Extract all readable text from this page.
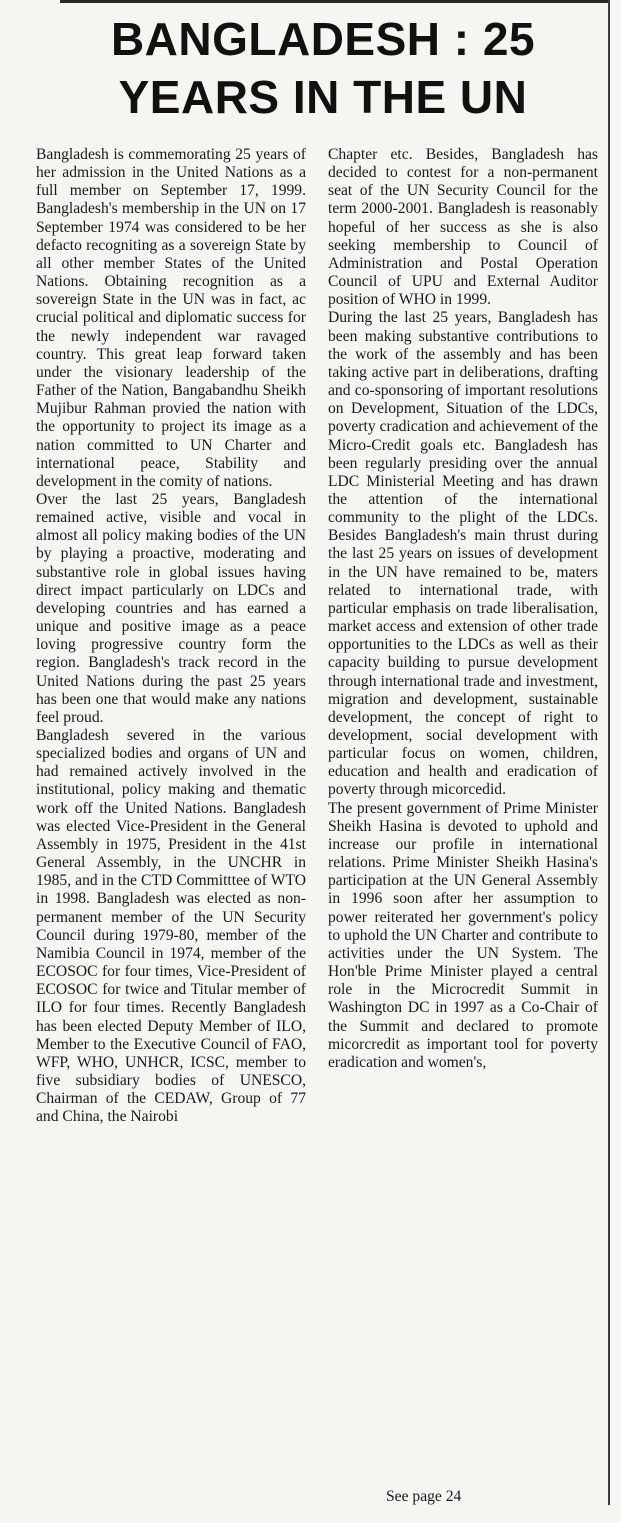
BANGLADESH : 25
YEARS IN THE UN

Bangladesh is commemorating 25 years of her admission in the United Nations as a full member on September 17, 1999. Bangladesh's membership in the UN on 17 September 1974 was considered to be her defacto recogniting as a sovereign State by all other member States of the United Nations. Obtaining recognition as a sovereign State in the UN was in fact, ac crucial political and diplomatic success for the newly independent war ravaged country. This great leap forward taken under the visionary leadership of the Father of the Nation, Bangabandhu Sheikh Mujibur Rahman provied the nation with the opportunity to project its image as a nation committed to UN Charter and international peace, Stability and development in the comity of nations.

Over the last 25 years, Bangladesh remained active, visible and vocal in almost all policy making bodies of the UN by playing a proactive, moderating and substantive role in global issues having direct impact particularly on LDCs and developing countries and has earned a unique and positive image as a peace loving progressive country form the region. Bangladesh's track record in the United Nations during the past 25 years has been one that would make any nations feel proud.

Bangladesh severed in the various specialized bodies and organs of UN and had remained actively involved in the institutional, policy making and thematic work off the United Nations. Bangladesh was elected Vice-President in the General Assembly in 1975, President in the 41st General Assembly, in the UNCHR in 1985, and in the CTD Committtee of WTO in 1998. Bangladesh was elected as non-permanent member of the UN Security Council during 1979-80, member of the Namibia Council in 1974, member of the ECOSOC for four times, Vice-President of ECOSOC for twice and Titular member of ILO for four times. Recently Bangladesh has been elected Deputy Member of ILO, Member to the Executive Council of FAO, WFP, WHO, UNHCR, ICSC, member to five subsidiary bodies of UNESCO, Chairman of the CEDAW, Group of 77 and China, the Nairobi

Chapter etc. Besides, Bangladesh has decided to contest for a non-permanent seat of the UN Security Council for the term 2000-2001. Bangladesh is reasonably hopeful of her success as she is also seeking membership to Council of Administration and Postal Operation Council of UPU and External Auditor position of WHO in 1999.

During the last 25 years, Bangladesh has been making substantive contributions to the work of the assembly and has been taking active part in deliberations, drafting and co-sponsoring of important resolutions on Development, Situation of the LDCs, poverty cradication and achievement of the Micro-Credit goals etc. Bangladesh has been regularly presiding over the annual LDC Ministerial Meeting and has drawn the attention of the international community to the plight of the LDCs. Besides Bangladesh's main thrust during the last 25 years on issues of development in the UN have remained to be, maters related to international trade, with particular emphasis on trade liberalisation, market access and extension of other trade opportunities to the LDCs as well as their capacity building to pursue development through international trade and investment, migration and development, sustainable development, the concept of right to development, social development with particular focus on women, children, education and health and eradication of poverty through micorcedid.

The present government of Prime Minister Sheikh Hasina is devoted to uphold and increase our profile in international relations. Prime Minister Sheikh Hasina's participation at the UN General Assembly in 1996 soon after her assumption to power reiterated her government's policy to uphold the UN Charter and contribute to activities under the UN System. The Hon'ble Prime Minister played a central role in the Microcredit Summit in Washington DC in 1997 as a Co-Chair of the Summit and declared to promote micorcredit as important tool for poverty eradication and women's,

See page 24
